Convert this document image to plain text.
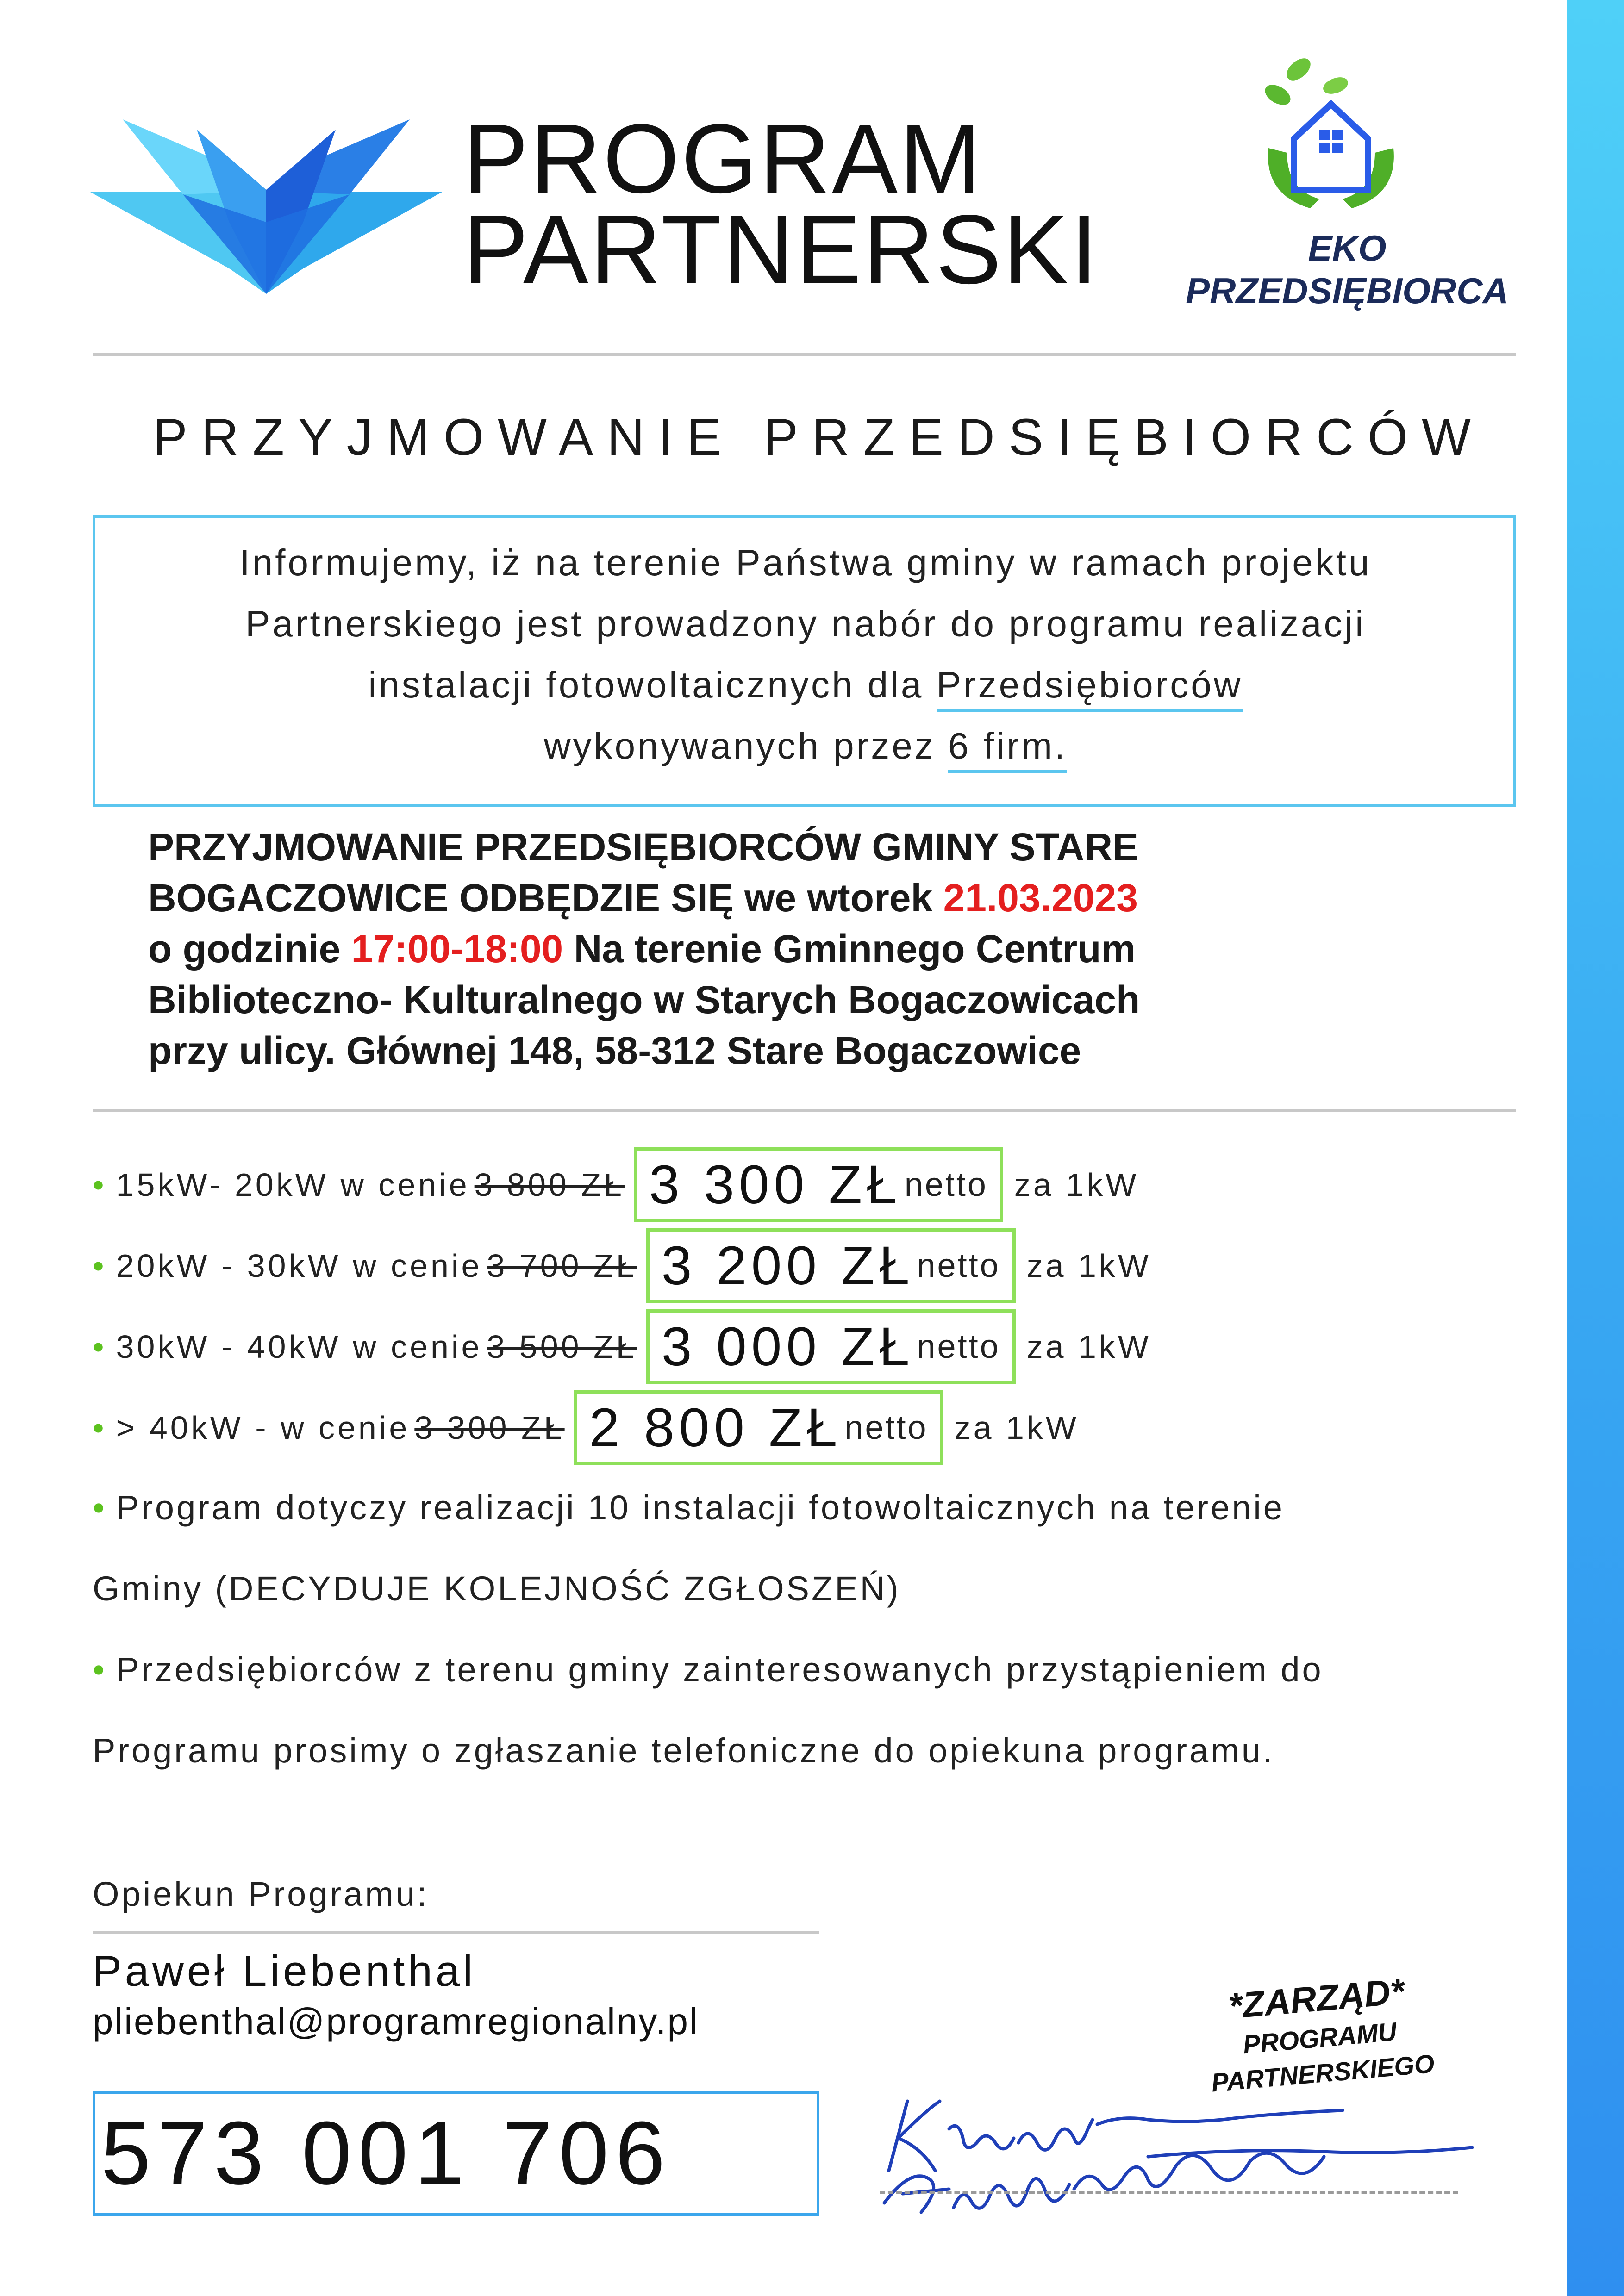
PROGRAM
PARTNERSKI	EKO
PRZEDSIĘBIORCA
PRZYJMOWANIE PRZEDSIĘBIORCÓW
Informujemy, iż na terenie Państwa gminy w ramach projektu
Partnerskiego jest prowadzony nabór do programu realizacji
instalacji fotowoltaicznych dla Przedsiębiorców
wykonywanych przez 6 firm.
PRZYJMOWANIE PRZEDSIĘBIORCÓW GMINY STARE
BOGACZOWICE ODBĘDZIE SIĘ we wtorek 21.03.2023
o godzinie 17:00-18:00 Na terenie Gminnego Centrum
Biblioteczno- Kulturalnego w Starych Bogaczowicach
przy ulicy. Głównej 148, 58-312 Stare Bogaczowice
• 15kW- 20kW w cenie 3 800 ZŁ 3 300 ZŁ netto za 1kW
• 20kW - 30kW w cenie 3 700 ZŁ 3 200 ZŁ netto za 1kW
• 30kW - 40kW w cenie 3 500 ZŁ 3 000 ZŁ netto za 1kW
• > 40kW - w cenie 3 300 ZŁ 2 800 ZŁ netto za 1kW
• Program dotyczy realizacji 10 instalacji fotowoltaicznych na terenie
Gminy (DECYDUJE KOLEJNOŚĆ ZGŁOSZEŃ)
• Przedsiębiorców z terenu gminy zainteresowanych przystąpieniem do
Programu prosimy o zgłaszanie telefoniczne do opiekuna programu.
Opiekun Programu:
Paweł Liebenthal
pliebenthal@programregionalny.pl
573 001 706
*ZARZĄD*
PROGRAMU
PARTNERSKIEGO
